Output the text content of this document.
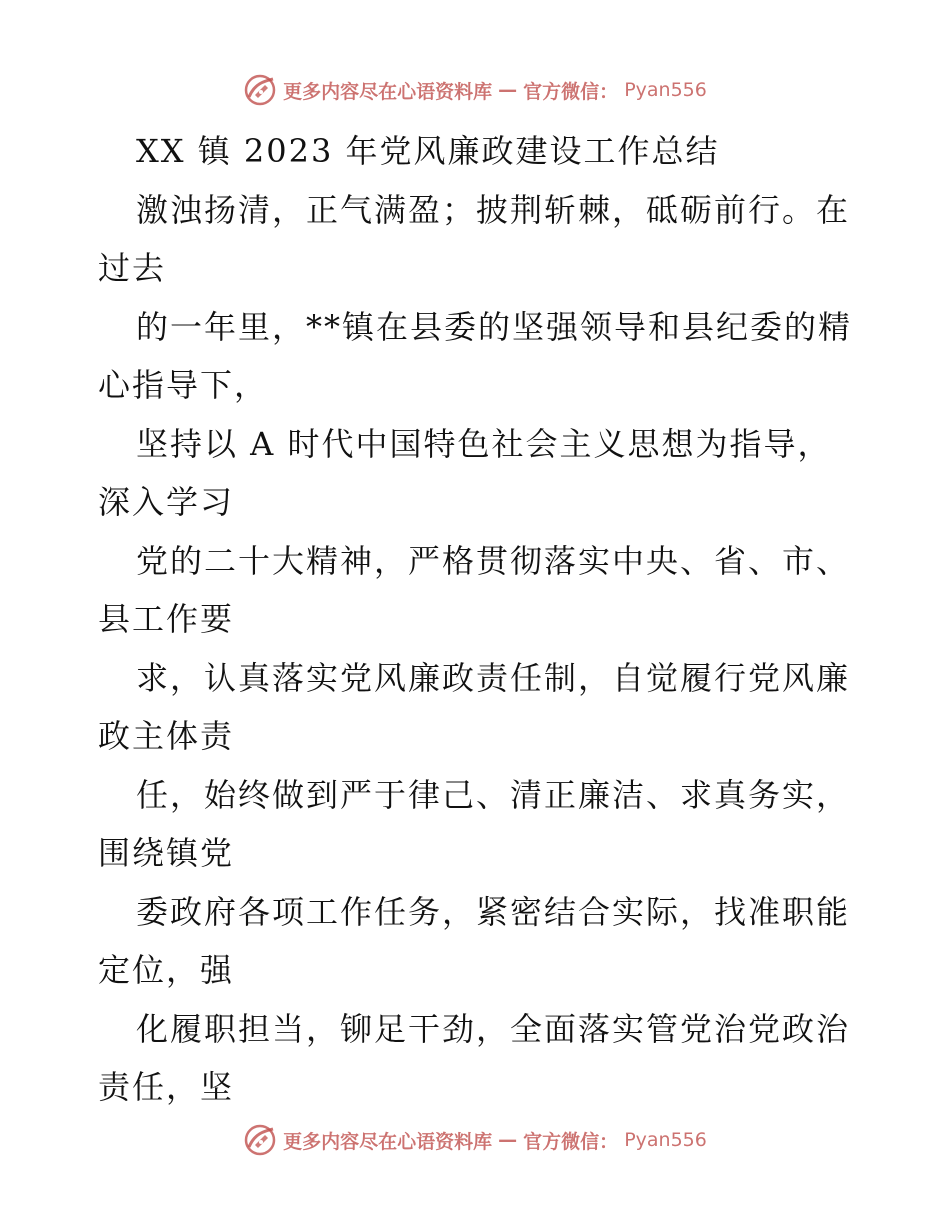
更多内容尽在心语资料库 — 官方微信： Pyan556
XX 镇 2023 年党风廉政建设工作总结
激浊扬清，正气满盈；披荆斩棘，砥砺前行。在
过去
的一年里，**镇在县委的坚强领导和县纪委的精
心指导下，
坚持以 A 时代中国特色社会主义思想为指导，
深入学习
党的二十大精神，严格贯彻落实中央、省、市、
县工作要
求，认真落实党风廉政责任制，自觉履行党风廉
政主体责
任，始终做到严于律己、清正廉洁、求真务实，
围绕镇党
委政府各项工作任务，紧密结合实际，找准职能
定位，强
化履职担当，铆足干劲，全面落实管党治党政治
责任，坚
更多内容尽在心语资料库 — 官方微信： Pyan556
